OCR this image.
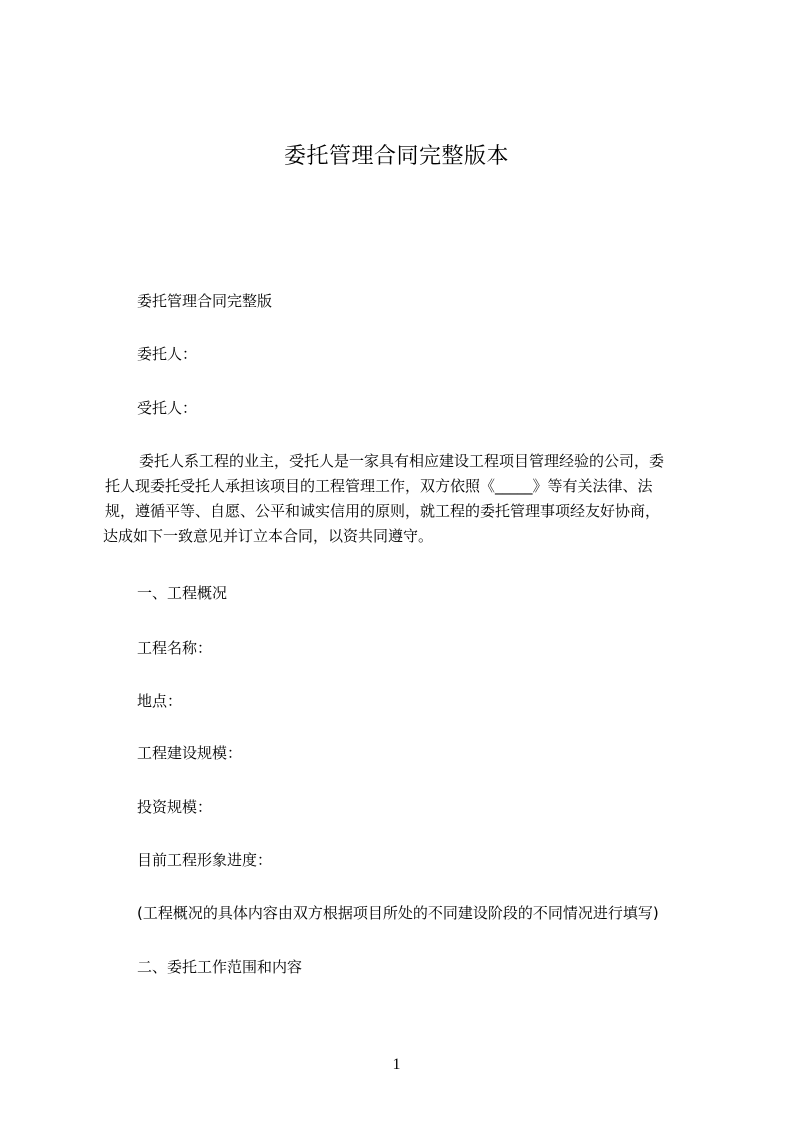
委托管理合同完整版本
委托管理合同完整版
委托人：
受托人：
委托人系工程的业主，受托人是一家具有相应建设工程项目管理经验的公司，委
托人现委托受托人承担该项目的工程管理工作，双方依照《_____》等有关法律、法
规，遵循平等、自愿、公平和诚实信用的原则，就工程的委托管理事项经友好协商，
达成如下一致意见并订立本合同，以资共同遵守。
一、工程概况
工程名称：
地点：
工程建设规模：
投资规模：
目前工程形象进度：
(工程概况的具体内容由双方根据项目所处的不同建设阶段的不同情况进行填写)
二、委托工作范围和内容
1
